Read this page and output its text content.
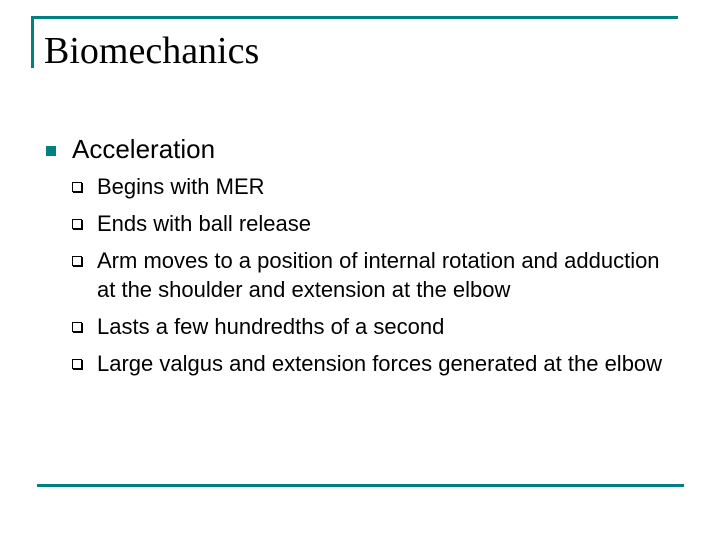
Biomechanics
Acceleration
Begins with MER
Ends with ball release
Arm moves to a position of internal rotation and adduction at the shoulder and extension at the elbow
Lasts a few hundredths of a second
Large valgus and extension forces generated at the elbow
